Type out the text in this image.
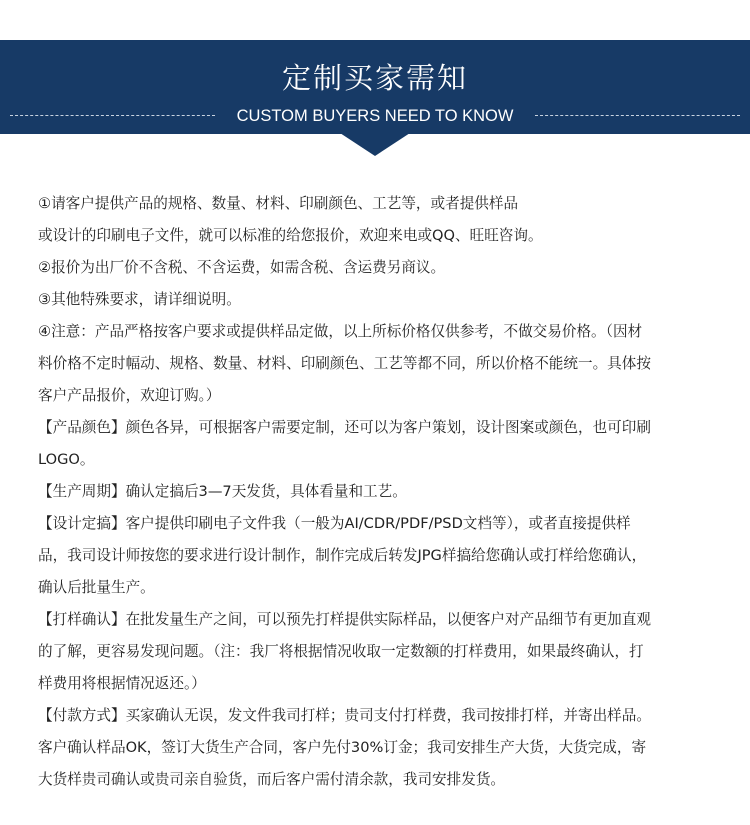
定制买家需知
CUSTOM BUYERS NEED TO KNOW
①请客户提供产品的规格、数量、材料、印刷颜色、工艺等，或者提供样品
或设计的印刷电子文件，就可以标准的给您报价，欢迎来电或QQ、旺旺咨询。
②报价为出厂价不含税、不含运费，如需含税、含运费另商议。
③其他特殊要求，请详细说明。
④注意：产品严格按客户要求或提供样品定做，以上所标价格仅供参考，不做交易价格。（因材
料价格不定时幅动、规格、数量、材料、印刷颜色、工艺等都不同，所以价格不能统一。具体按
客户产品报价，欢迎订购。）
【产品颜色】颜色各异，可根据客户需要定制，还可以为客户策划，设计图案或颜色，也可印刷
LOGO。
【生产周期】确认定搞后3—7天发货，具体看量和工艺。
【设计定搞】客户提供印刷电子文件我（一般为AI/CDR/PDF/PSD文档等），或者直接提供样
品，我司设计师按您的要求进行设计制作，制作完成后转发JPG样搞给您确认或打样给您确认，
确认后批量生产。
【打样确认】在批发量生产之间，可以预先打样提供实际样品，以便客户对产品细节有更加直观
的了解，更容易发现问题。（注：我厂将根据情况收取一定数额的打样费用，如果最终确认，打
样费用将根据情况返还。）
【付款方式】买家确认无误，发文件我司打样；贵司支付打样费，我司按排打样，并寄出样品。
客户确认样品OK，签订大货生产合同，客户先付30%订金；我司安排生产大货，大货完成，寄
大货样贵司确认或贵司亲自验货，而后客户需付清余款，我司安排发货。
